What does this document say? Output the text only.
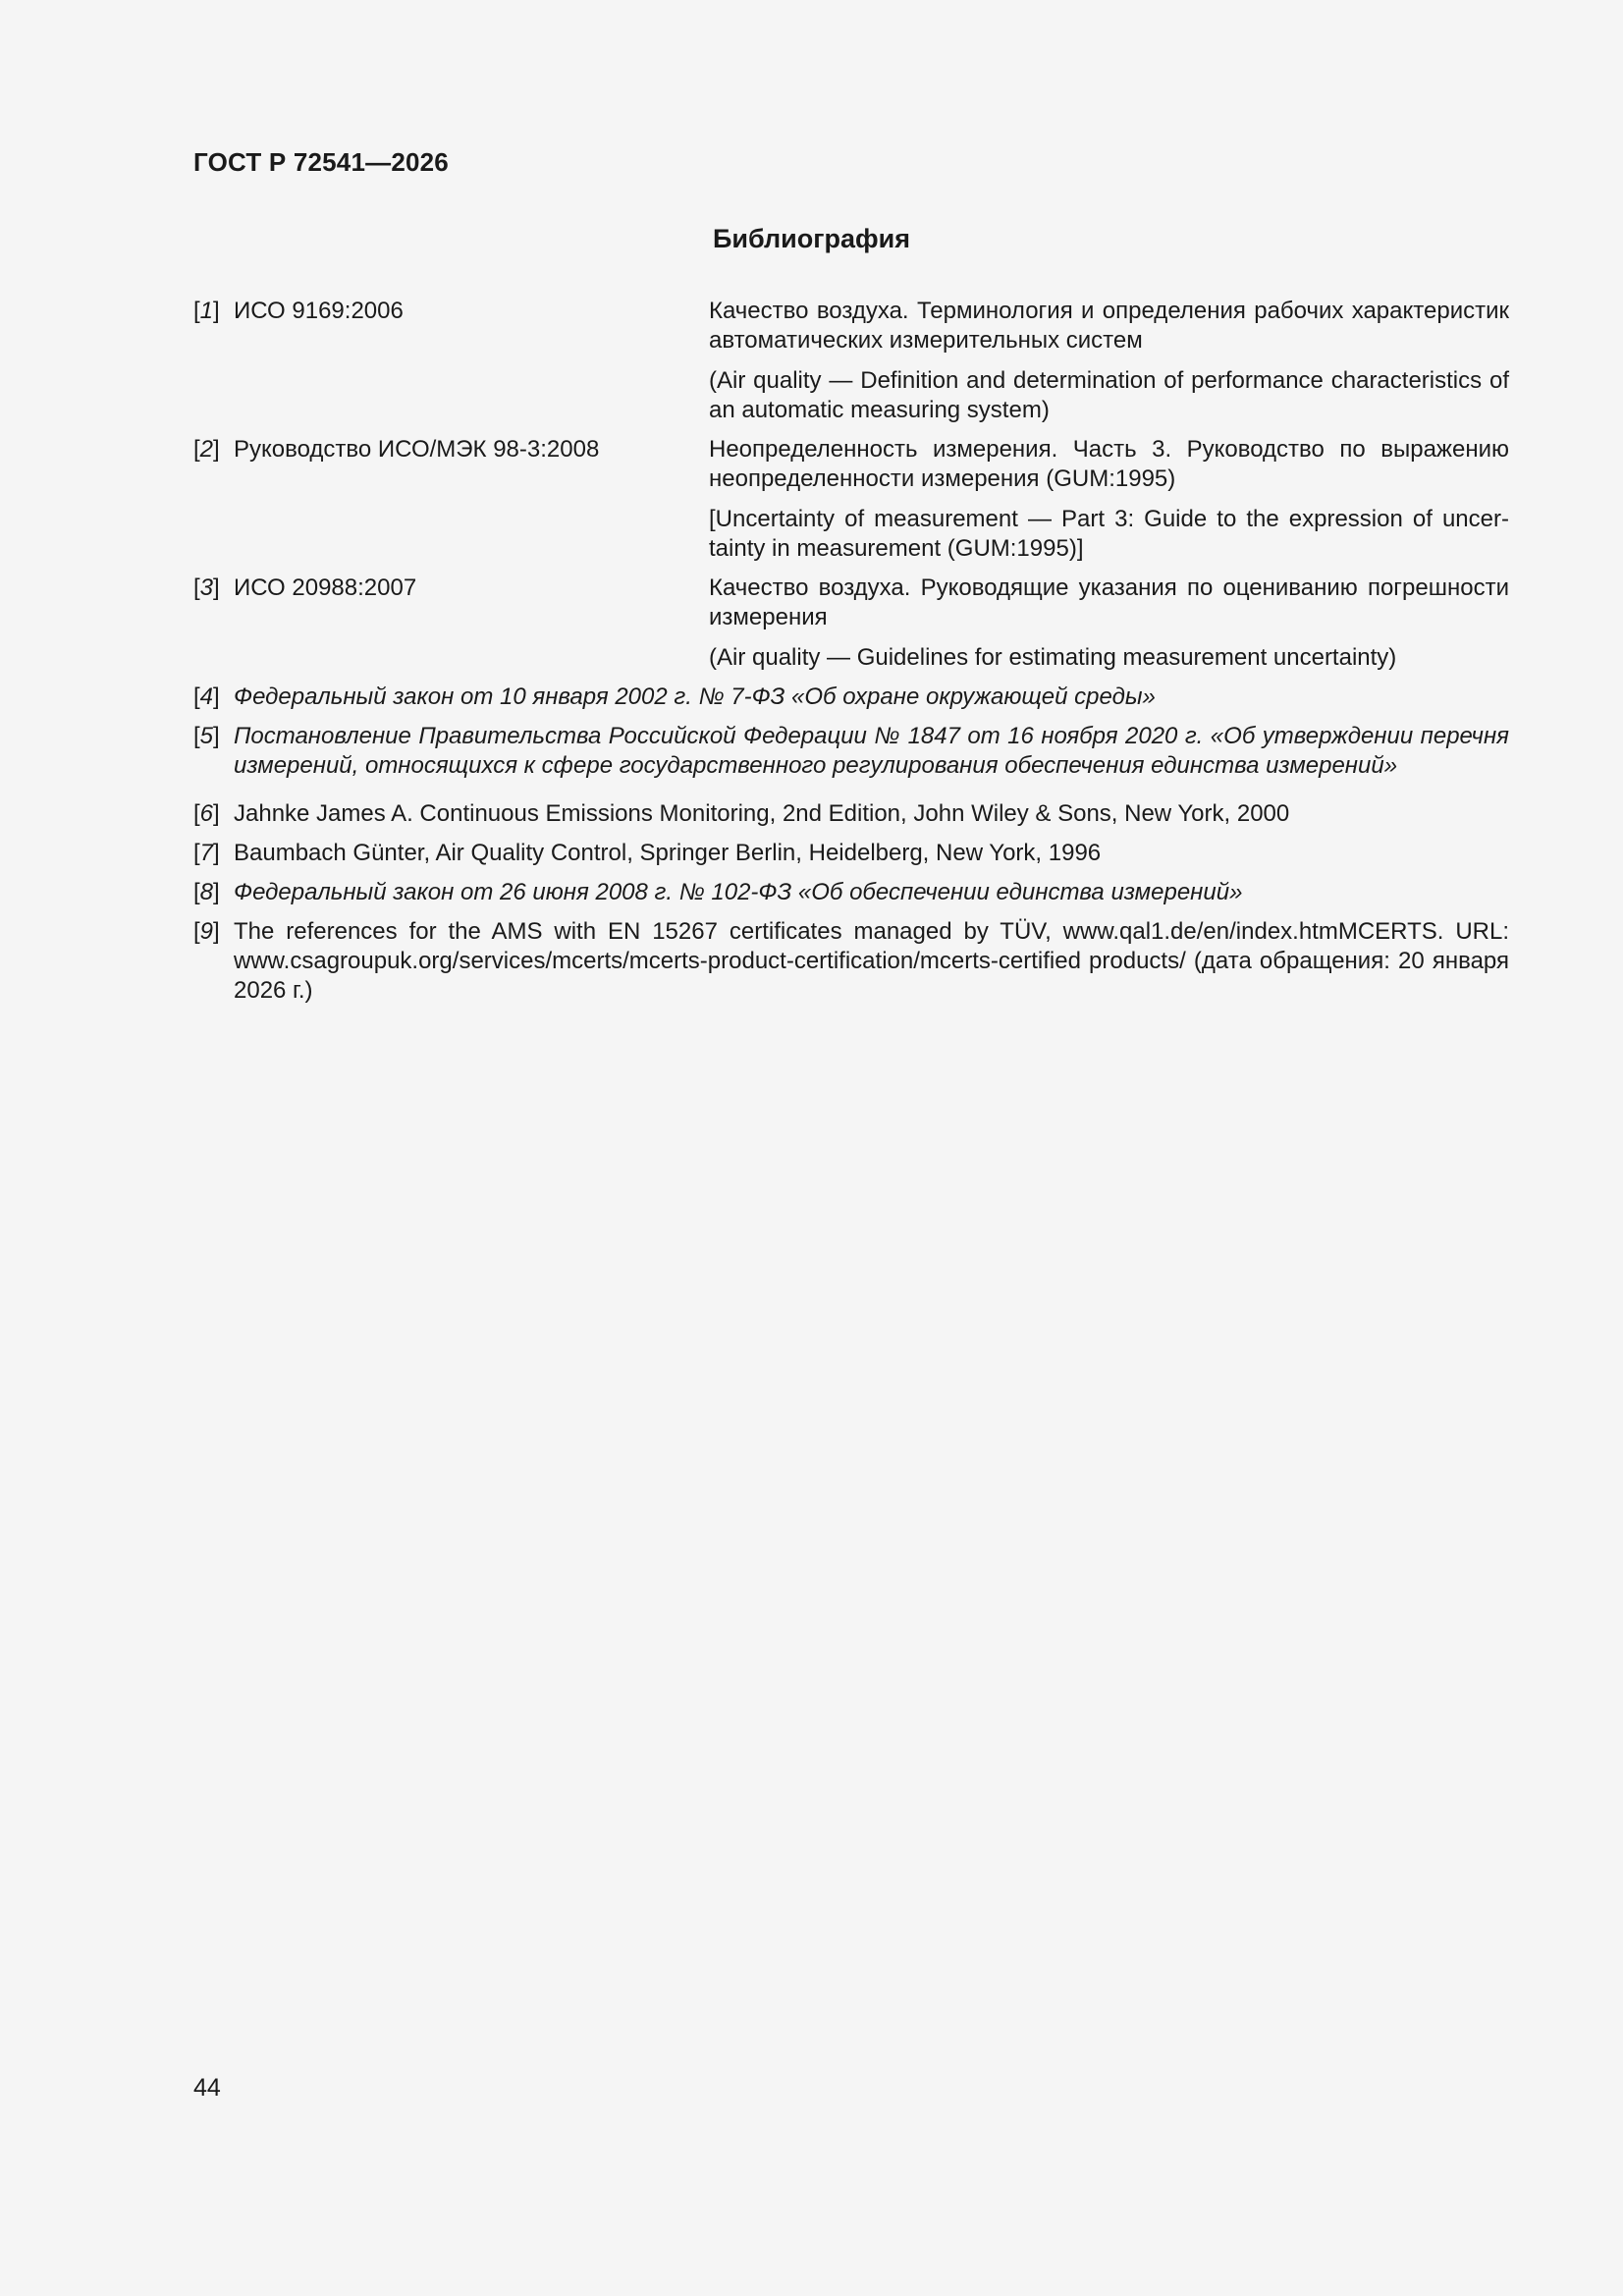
ГОСТ Р 72541—2026
Библиография
[1] ИСО 9169:2006	Качество воздуха. Терминология и определения рабочих характеристик автоматических измерительных систем

(Air quality — Definition and determination of performance characteristics of an automatic measuring system)

[2] Руководство ИСО/МЭК 98-3:2008	Неопределенность измерения. Часть 3. Руководство по выражению неопределенности измерения (GUM:1995)

[Uncertainty of measurement — Part 3: Guide to the expression of uncertainty in measurement (GUM:1995)]

[3] ИСО 20988:2007	Качество воздуха. Руководящие указания по оцениванию погрешности измерения

(Air quality — Guidelines for estimating measurement uncertainty)

[4] Федеральный закон от 10 января 2002 г. № 7-ФЗ «Об охране окружающей среды»
[5] Постановление Правительства Российской Федерации № 1847 от 16 ноября 2020 г. «Об утверждении перечня измерений, относящихся к сфере государственного регулирования обеспечения единства измерений»
[6] Jahnke James A. Continuous Emissions Monitoring, 2nd Edition, John Wiley & Sons, New York, 2000
[7] Baumbach Günter, Air Quality Control, Springer Berlin, Heidelberg, New York, 1996
[8] Федеральный закон от 26 июня 2008 г. № 102-ФЗ «Об обеспечении единства измерений»
[9] The references for the AMS with EN 15267 certificates managed by TÜV, www.qal1.de/en/index.htmMCERTS. URL: www.csagroupuk.org/services/mcerts/mcerts-product-certification/mcerts-certified products/ (дата обращения: 20 января 2026 г.)
44
